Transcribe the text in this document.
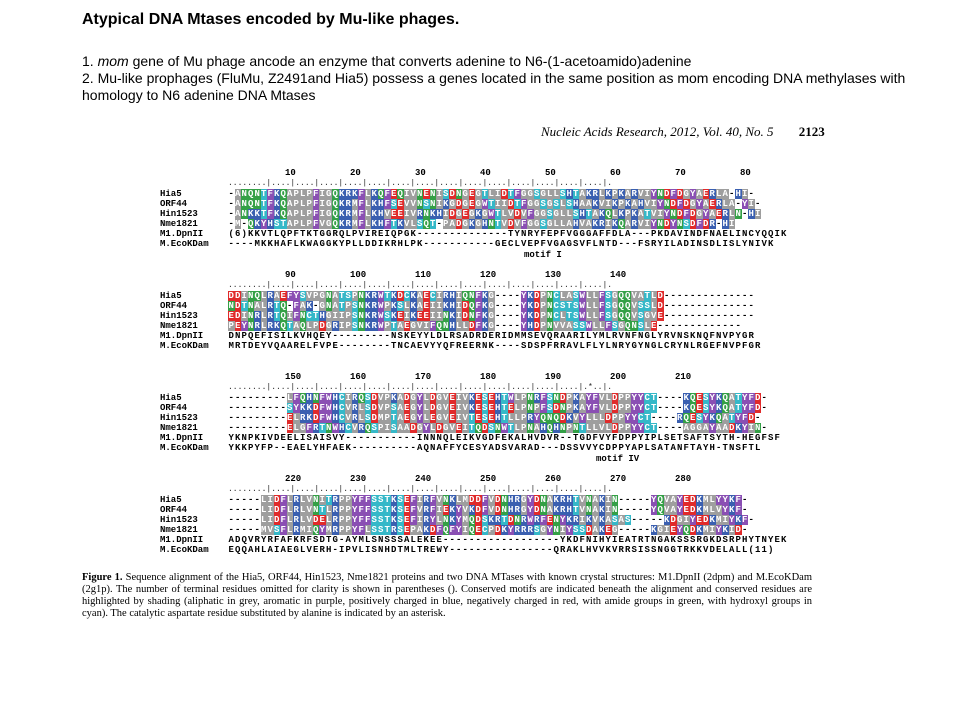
Atypical DNA Mtases encoded by Mu-like phages.

1. mom gene of Mu phage ancode an enzyme that converts adenine to N6-(1-acetoamido)adenine

2. Mu-like prophages (FluMu, Z2491and Hia5) possess a genes located in the same position as mom encoding DNA methylases with homology to N6 adenine DNA Mtases

Nucleic Acids Research, 2012, Vol. 40, No. 5 2123
10	20	30	40	50	60	70	80
........|....|....|....|....|....|....|....|....|....|....|....|....|....|....|.
Hia5	- A N Q N T F K Q A P L P F I G Q K R K F L K Q F E Q I V N E N I S D N G E G T L I D T F G G S G L L S H T A K R L K P K A R V I Y N D F D G Y A E R L A - H I -
ORF44	- A N Q N T F K Q A P L P F I G Q K R M F L K H F S E V V N S N I K G D G E G W T I I D T F G G S G S L S H A A K V I K P K A H V I Y N D F D G Y A E R L A - Y I -
Hin1523	- A N K K T F K Q A P L P F I G Q K R M F L K H V E E I V R N K H I D G E G K G W T L V D V F G G S G L L S H T A K Q L K P K A T V I Y N D F D G Y A E R L N - H I
Nme1821	- M - Q K Y H S T A P L P F V G Q K R M F L K H F T K V L S Q T - P A D G K G H N T V D V F G G S G L L A H V A K R I K Q A R V I Y N D Y N S D F D R - H I
M1.DpnII	( 6 ) K K V T L Q P F T K T G G R Q L P V I R E I Q P G K - - - - - - - - - - - - - - T Y N R Y F E P F V G G G A F F D L A - - - P K D A V I N D F N A E L I N C Y Q Q I K
M.EcoKDam	- - - - M K K H A F L K W A G G K Y P L L D D I K R H L P K - - - - - - - - - - - G E C L V E P F V G A G S V F L N T D - - - F S R Y I L A D I N S D L I S L Y N I V K
motif I
90	100	110	120	130	140
........|....|....|....|....|....|....|....|....|....|....|....|....|....|....|.
Hia5	D D I N Q L R A E F Y S V P G N A T S P N K R W T K D C K A E C I R H I Q N F K G - - - - Y K D P N C L A S W L L F S G Q Q V A T L D - - - - - - - - - - - - - -
ORF44	N D T N A L R T Q - F A K - G N A T P S N K R W P K S L K A E I I K H I D Q F K G - - - - Y K D P N C S T S W L L F S G Q Q V S S L D - - - - - - - - - - - - - -
Hin1523	E D I N R L R T Q I F N C T H G I I P S N K R W S K E I K E E I I N K I D N F K G - - - - Y K D P N C L T S W L L F S G Q Q V S G V E - - - - - - - - - - - - - -
Nme1821	P E Y N R L R K Q T A Q L P D G R I P S N K R W P T A E G V I F Q N H L L D F K G - - - - Y H D P N V V A S S W L L F S G Q N S L E - - - - - - - - - - - - -
M1.DpnII	D N P Q E F I S I L K V H Q E Y - - - - - - - - - N S K E Y Y L D L R S A D R D E R I D M M S E V Q R A A R I L Y M L R V N F N G L Y R V N S K N Q F N V P Y G R
M.EcoKDam	M R T D E Y V Q A A R E L F V P E - - - - - - - - T N C A E V Y Y Q F R E E R N K - - - - S D S P F R R A V L F L Y L N R Y G Y N G L C R Y N L R G E F N V P F G R
150	160	170	180	190	200	210
........|....|....|....|....|....|....|....|....|....|....|....|....|....|.*..|.
Hia5	- - - - - - - - - L F Q H N F W H C I R Q S D V P K A D G Y L D G V E I V K E S E H T W L P N R F S N D P K A Y F V L D P P Y Y C T - - - - K Q E S Y K Q A T Y F D -
ORF44	- - - - - - - - - S Y K K D F W H C V R L S D V P S A E G Y L D G V E I V K E S E H T E L P N P F S D N P K A Y F V L D P P Y Y C T - - - - K Q E S Y K Q A T Y F D -
Hin1523	- - - - - - - - - E L R K D F W H C V R L S D M P T A E G Y L E G V E I V T E S E H T L L P R Y Q N Q D K V Y L L L D P P Y Y C T - - - - R Q E S Y K Q A T Y F D -
Nme1821	- - - - - - - - - E L G F R T N W H C V R Q S P I S A A D G Y L D G V E I T Q D S N W T L P N A H Q H N P N T L L V L D P P Y Y C T - - - - A G G A Y A A D K Y I N -
M1.DpnII	Y K N P K I V D E E L I S A I S V Y - - - - - - - - - - - I N N N Q L E I K V G D F E K A L H V D V R - - T G D F V Y F D P P Y I P L S E T S A F T S Y T H - H E G F S F
M.EcoKDam	Y K K P Y F P - - E A E L Y H F A E K - - - - - - - - - - A Q N A F F Y C E S Y A D S V A R A D - - - D S S V V Y C D P P Y A P L S A T A N F T A Y H - T N S F T L
motif IV
220	230	240	250	260	270	280
........|....|....|....|....|....|....|....|....|....|....|....|....|....|....|.
Hia5	- - - - - L I D F L R L V N I T R P P Y F F S S T K S E F I R F V N K L M D D F V D N H R G Y D N A K R H T V N A K I N - - - - - Y Q V A Y E D K M L Y Y K F -
ORF44	- - - - - L I D F L R L V N T L R P P Y F F S S T K S E F V R F I E K Y V K D F V D N H R G Y D N A K R H T V N A K I N - - - - - Y Q V A Y E D K M L V Y K F -
Hin1523	- - - - - L I D F L R L V D E L R P P Y F F S S T K S E F I R Y L N K Y M Q D S K R T D N R W R F E N Y K R I K V K A S A S - - - - - K D G I Y E D K M I Y K F -
Nme1821	- - - - - M V S F L R M I Q Y M R P P Y F L S S T R S E P A K D F Q F Y I Q E C P D K Y R R R S G Y N I Y S S D A K E G - - - - - K G I E Y Q D K M I Y K I D -
M1.DpnII	A D Q V R Y R F A F K R F S D T G - A Y M L S N S S S A L E K E E - - - - - - - - - - - - - - - - - - Y K D F N I H Y I E A T R T N G A K S S S R G K D S R P H Y T N Y E K
M.EcoKDam	E Q Q A H L A I A E G L V E R H - I P V L I S N H D T M L T R E W Y - - - - - - - - - - - - - - - - Q R A K L H V V K V R R S I S S N G G T R K K V D E L A L L ( 1 1 )
Figure 1. Sequence alignment of the Hia5, ORF44, Hin1523, Nme1821 proteins and two DNA MTases with known crystal structures: M1.DpnII (2dpm) and M.EcoKDam (2g1p). The number of terminal residues omitted for clarity is shown in parentheses (). Conserved motifs are indicated beneath the alignment and conserved residues are highlighted by shading (aliphatic in grey, aromatic in purple, positively charged in blue, negatively charged in red, with amide groups in green, with hydroxyl groups in cyan). The catalytic aspartate residue substituted by alanine is indicated by an asterisk.
